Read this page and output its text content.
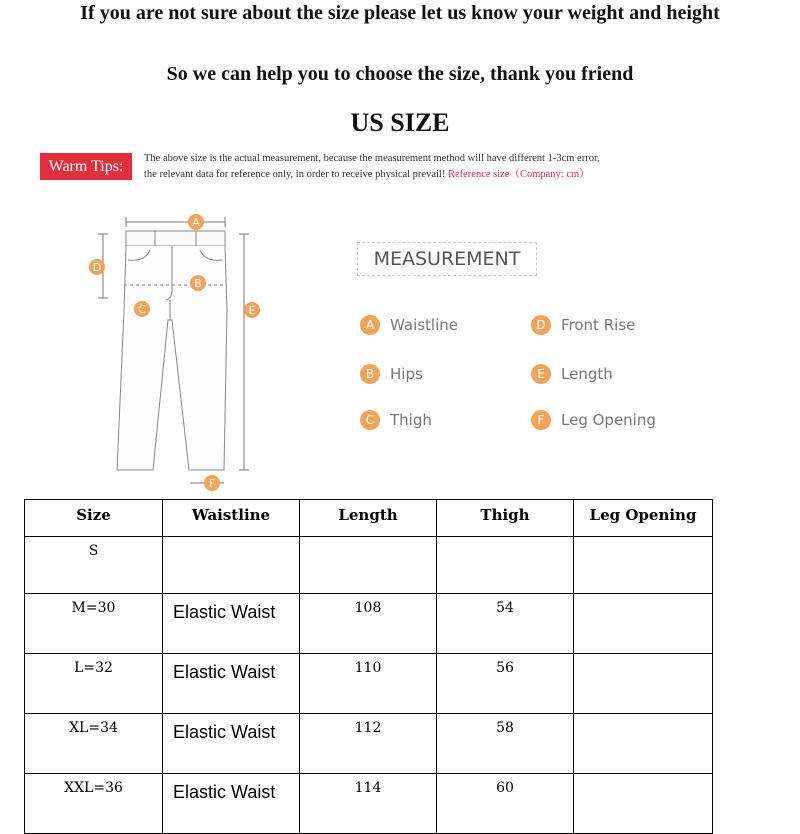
If you are not sure about the size please let us know your weight and height
So we can help you to choose the size, thank you friend
US SIZE
Warm Tips:	The above size is the actual measurement, because the measurement method will have different 1-3cm error,
the relevant data for reference only, in order to receive physical prevail! Reference size（Company: cm）
A
B
C
D
E
F
MEASUREMENT
A	Waistline
B	Hips
C	Thigh
D	Front Rise
E	Length
F	Leg Opening
Size	Waistline	Length	Thigh	Leg Opening
S				
M=30	Elastic Waist	108	54	
L=32	Elastic Waist	110	56	
XL=34	Elastic Waist	112	58	
XXL=36	Elastic Waist	114	60	
